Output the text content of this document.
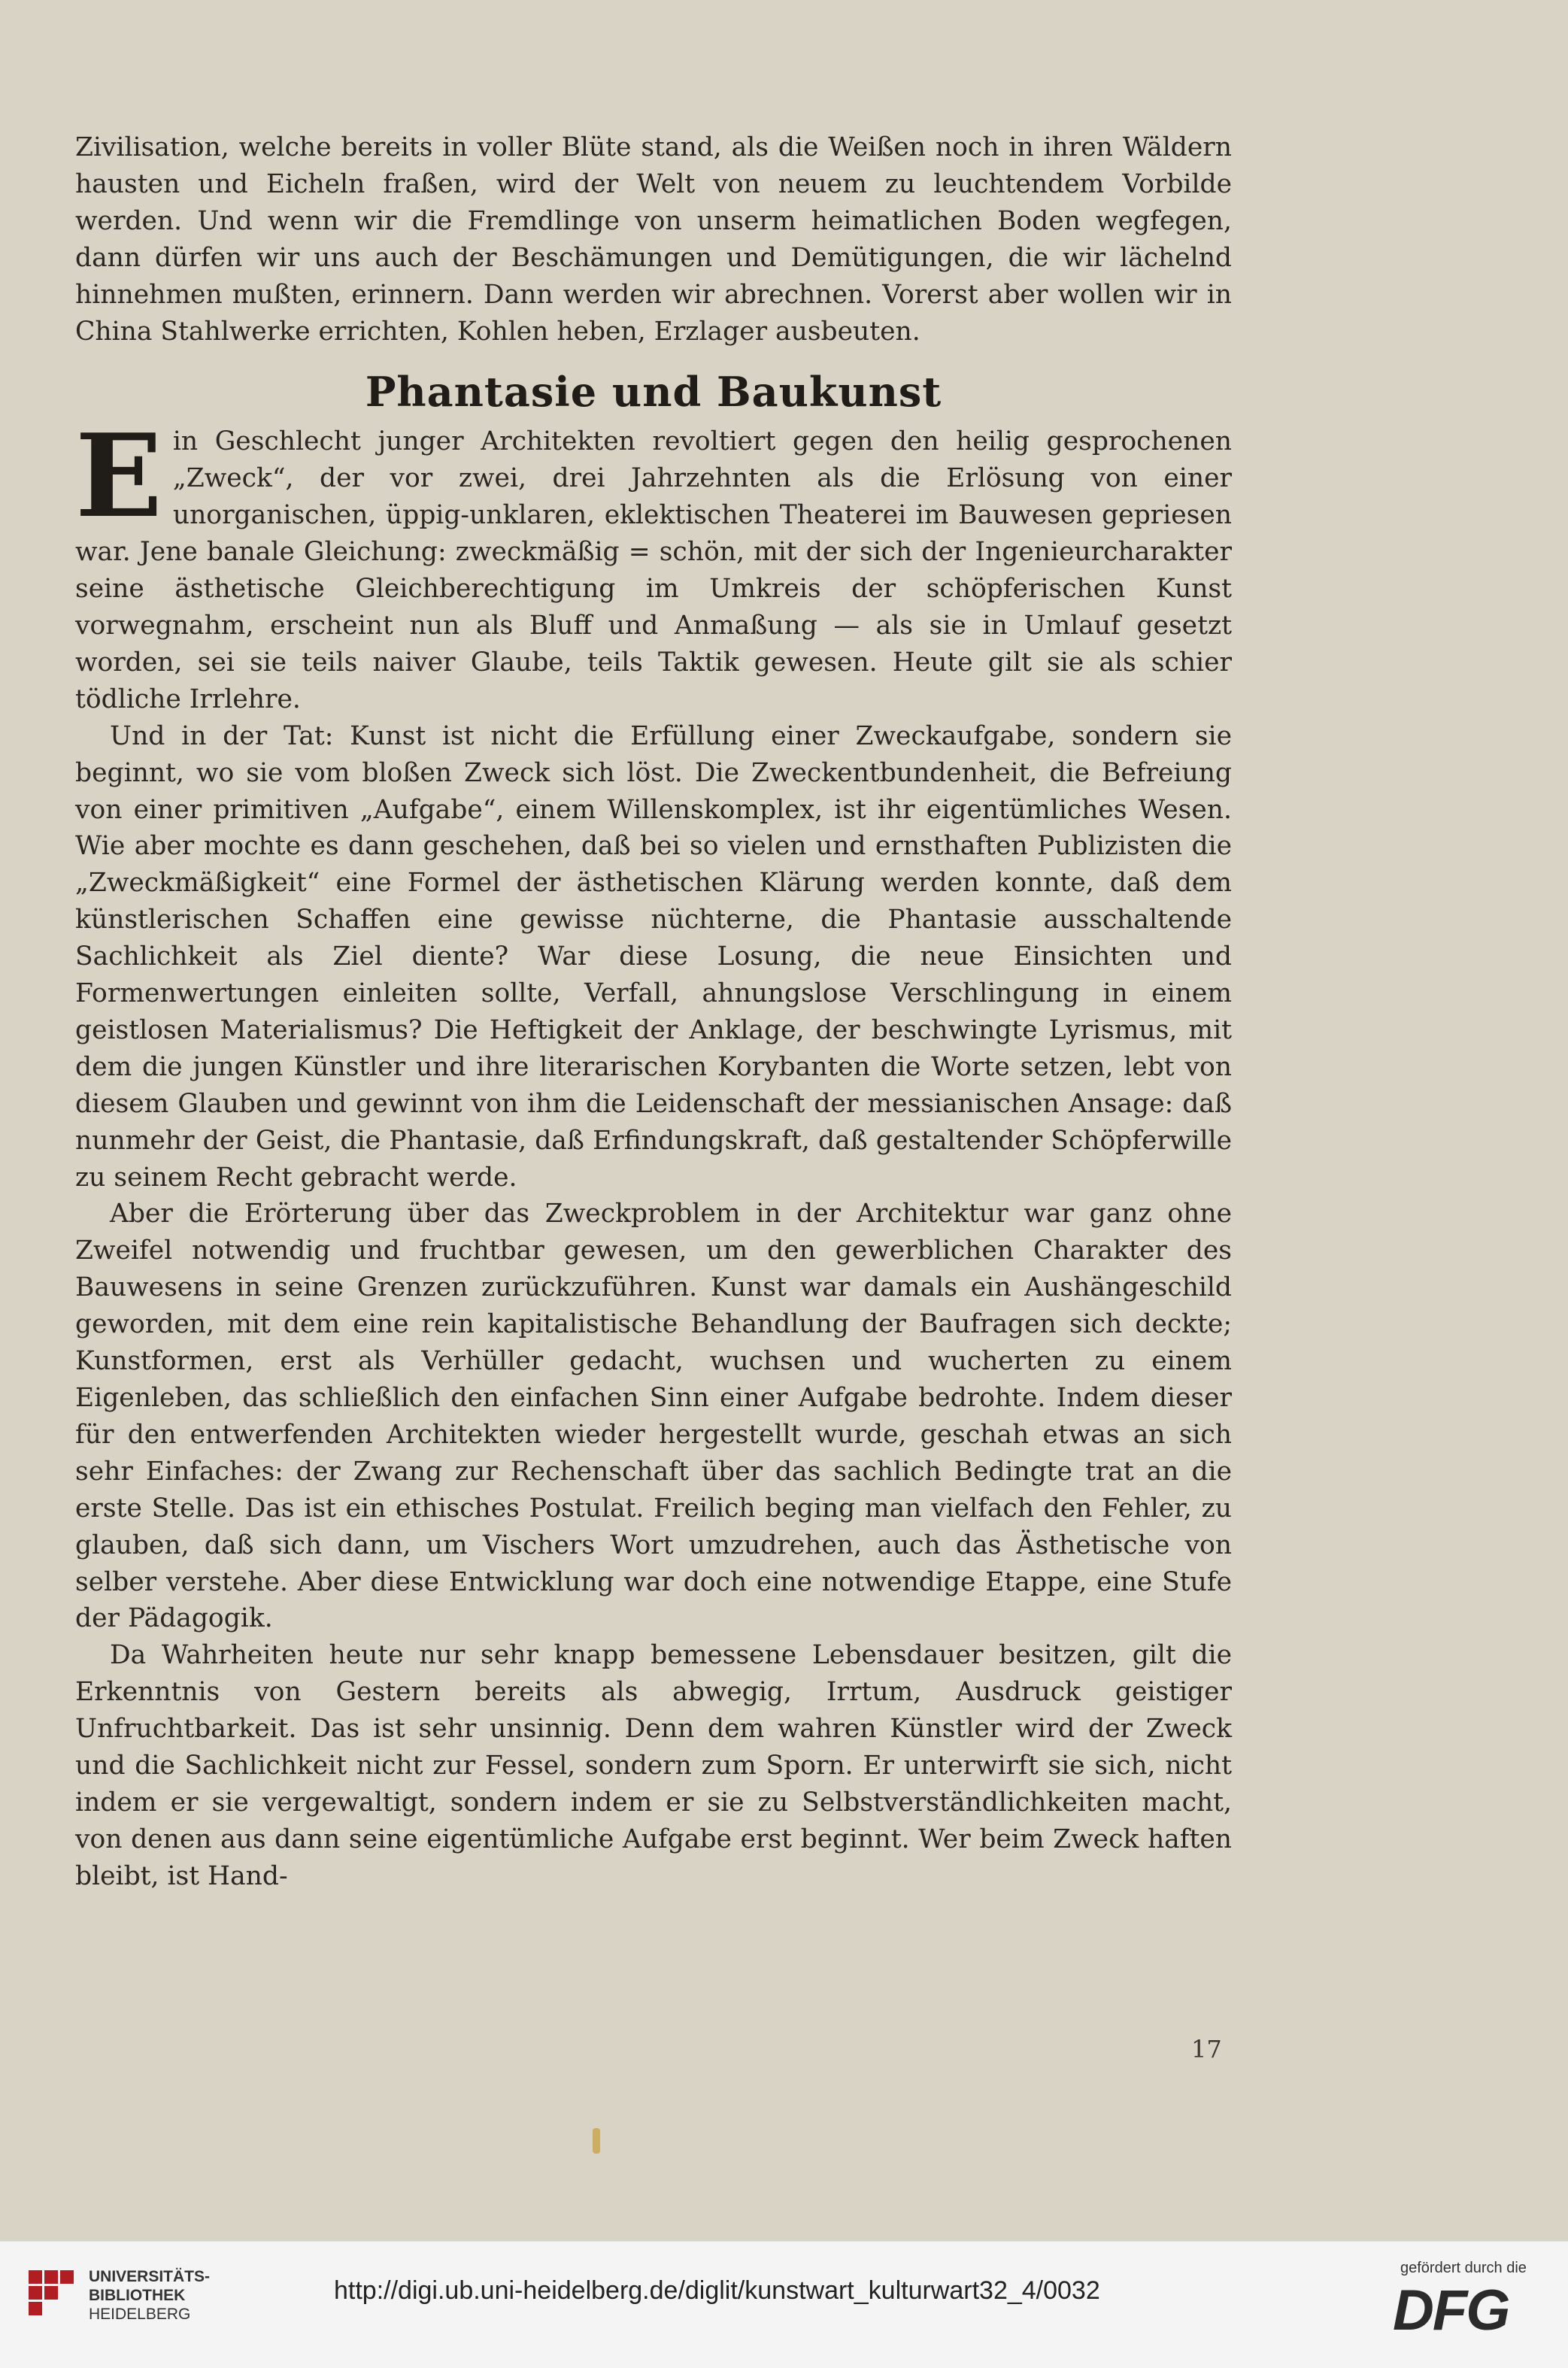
Zivilisation, welche bereits in voller Blüte stand, als die Weißen noch in ihren Wäldern hausten und Eicheln fraßen, wird der Welt von neuem zu leuchtendem Vorbilde werden. Und wenn wir die Fremdlinge von unserm heimatlichen Boden wegfegen, dann dürfen wir uns auch der Beschämungen und Demütigungen, die wir lächelnd hinnehmen mußten, erinnern. Dann werden wir abrechnen. Vorerst aber wollen wir in China Stahlwerke errichten, Kohlen heben, Erzlager ausbeuten.

Phantasie und Baukunst

Ein Geschlecht junger Architekten revoltiert gegen den heilig gesprochenen „Zweck“, der vor zwei, drei Jahrzehnten als die Erlösung von einer unorganischen, üppig-unklaren, eklektischen Theaterei im Bauwesen gepriesen war. Jene banale Gleichung: zweckmäßig = schön, mit der sich der Ingenieurcharakter seine ästhetische Gleichberechtigung im Umkreis der schöpferischen Kunst vorwegnahm, erscheint nun als Bluff und Anmaßung — als sie in Umlauf gesetzt worden, sei sie teils naiver Glaube, teils Taktik gewesen. Heute gilt sie als schier tödliche Irrlehre.

Und in der Tat: Kunst ist nicht die Erfüllung einer Zweckaufgabe, sondern sie beginnt, wo sie vom bloßen Zweck sich löst. Die Zweckentbundenheit, die Befreiung von einer primitiven „Aufgabe“, einem Willenskomplex, ist ihr eigentümliches Wesen. Wie aber mochte es dann geschehen, daß bei so vielen und ernsthaften Publizisten die „Zweckmäßigkeit“ eine Formel der ästhetischen Klärung werden konnte, daß dem künstlerischen Schaffen eine gewisse nüchterne, die Phantasie ausschaltende Sachlichkeit als Ziel diente? War diese Losung, die neue Einsichten und Formenwertungen einleiten sollte, Verfall, ahnungslose Verschlingung in einem geistlosen Materialismus? Die Heftigkeit der Anklage, der beschwingte Lyrismus, mit dem die jungen Künstler und ihre literarischen Korybanten die Worte setzen, lebt von diesem Glauben und gewinnt von ihm die Leidenschaft der messianischen Ansage: daß nunmehr der Geist, die Phantasie, daß Erfindungskraft, daß gestaltender Schöpferwille zu seinem Recht gebracht werde.

Aber die Erörterung über das Zweckproblem in der Architektur war ganz ohne Zweifel notwendig und fruchtbar gewesen, um den gewerblichen Charakter des Bauwesens in seine Grenzen zurückzuführen. Kunst war damals ein Aushängeschild geworden, mit dem eine rein kapitalistische Behandlung der Baufragen sich deckte; Kunstformen, erst als Verhüller gedacht, wuchsen und wucherten zu einem Eigenleben, das schließlich den einfachen Sinn einer Aufgabe bedrohte. Indem dieser für den entwerfenden Architekten wieder hergestellt wurde, geschah etwas an sich sehr Einfaches: der Zwang zur Rechenschaft über das sachlich Bedingte trat an die erste Stelle. Das ist ein ethisches Postulat. Freilich beging man vielfach den Fehler, zu glauben, daß sich dann, um Vischers Wort umzudrehen, auch das Ästhetische von selber verstehe. Aber diese Entwicklung war doch eine notwendige Etappe, eine Stufe der Pädagogik.

Da Wahrheiten heute nur sehr knapp bemessene Lebensdauer besitzen, gilt die Erkenntnis von Gestern bereits als abwegig, Irrtum, Ausdruck geistiger Unfruchtbarkeit. Das ist sehr unsinnig. Denn dem wahren Künstler wird der Zweck und die Sachlichkeit nicht zur Fessel, sondern zum Sporn. Er unterwirft sie sich, nicht indem er sie vergewaltigt, sondern indem er sie zu Selbstverständlichkeiten macht, von denen aus dann seine eigentümliche Aufgabe erst beginnt. Wer beim Zweck haften bleibt, ist Hand-

17
UNIVERSITÄTS-
BIBLIOTHEK
HEIDELBERG
http://digi.ub.uni-heidelberg.de/diglit/kunstwart_kulturwart32_4/0032
gefördert durch die
DFG
